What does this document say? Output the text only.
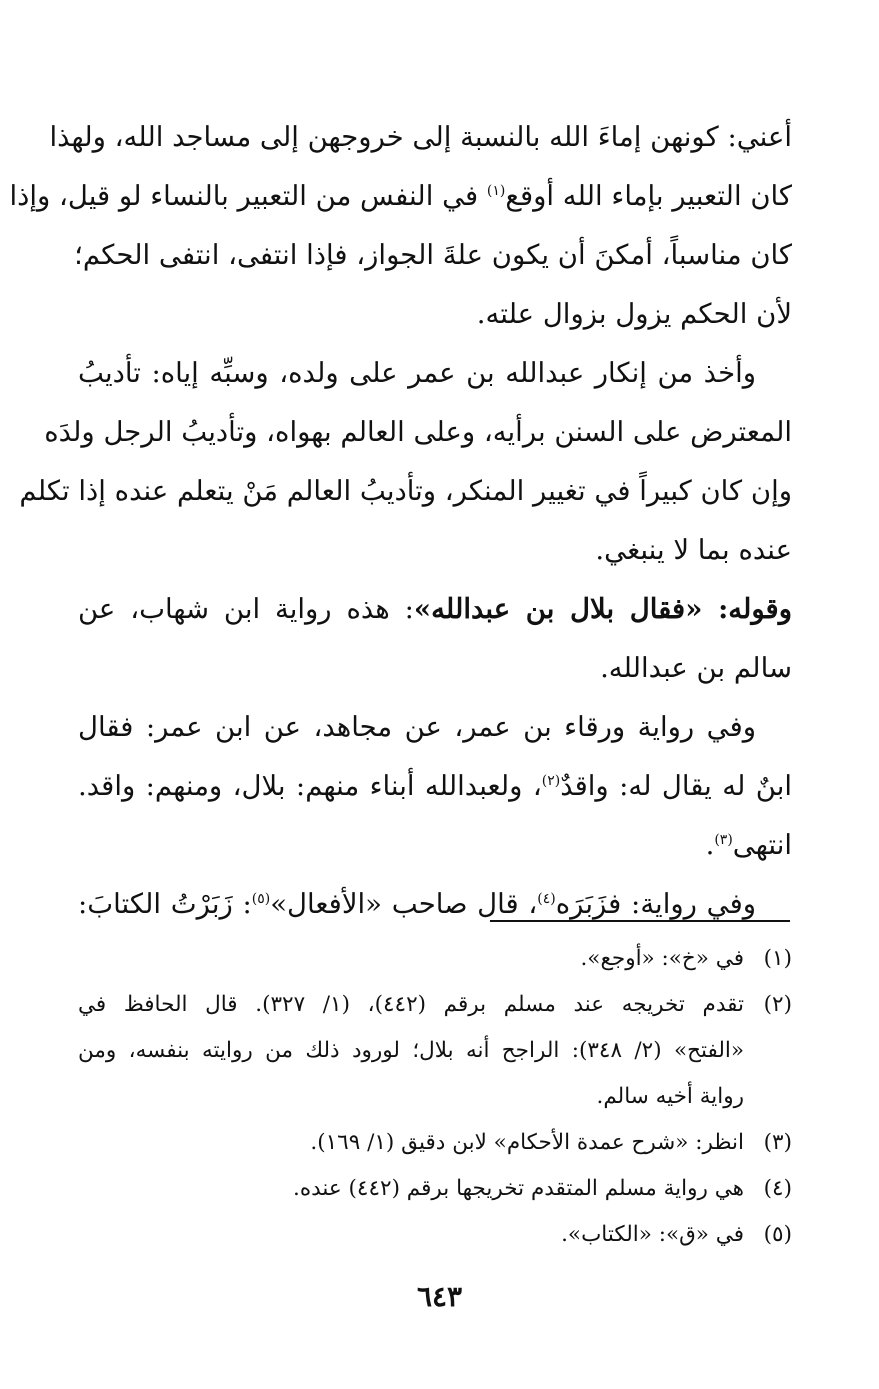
أعني: كونهن إماءَ الله بالنسبة إلى خروجهن إلى مساجد الله، ولهذا
كان التعبير بإماء الله أوقع$^{(١)}$ في النفس من التعبير بالنساء لو قيل، وإذا
كان مناسباً، أمكنَ أن يكون علةَ الجواز، فإذا انتفى، انتفى الحكم؛
لأن الحكم يزول بزوال علته.
وأخذ من إنكار عبدالله بن عمر على ولده، وسبِّه إياه: تأديبُ
المعترض على السنن برأيه، وعلى العالم بهواه، وتأديبُ الرجل ولدَه
وإن كان كبيراً في تغيير المنكر، وتأديبُ العالم مَنْ يتعلم عنده إذا تكلم
عنده بما لا ينبغي.
وقوله: «فقال بلال بن عبدالله»: هذه رواية ابن شهاب، عن
سالم بن عبدالله.
وفي رواية ورقاء بن عمر، عن مجاهد، عن ابن عمر: فقال
ابنٌ له يقال له: واقدٌ$^{(٢)}$، ولعبدالله أبناء منهم: بلال، ومنهم: واقد.
انتهى$^{(٣)}$.
وفي رواية: فزَبَرَه$^{(٤)}$، قال صاحب «الأفعال»$^{(٥)}$: زَبَرْتُ الكتابَ:
(١)
في «خ»: «أوجع».
(٢)
تقدم تخريجه عند مسلم برقم (٤٤٢)، (١/ ٣٢٧). قال الحافظ في
«الفتح» (٢/ ٣٤٨): الراجح أنه بلال؛ لورود ذلك من روايته بنفسه، ومن
رواية أخيه سالم.
(٣)
انظر: «شرح عمدة الأحكام» لابن دقيق (١/ ١٦٩).
(٤)
هي رواية مسلم المتقدم تخريجها برقم (٤٤٢) عنده.
(٥)
في «ق»: «الكتاب».
٦٤٣
